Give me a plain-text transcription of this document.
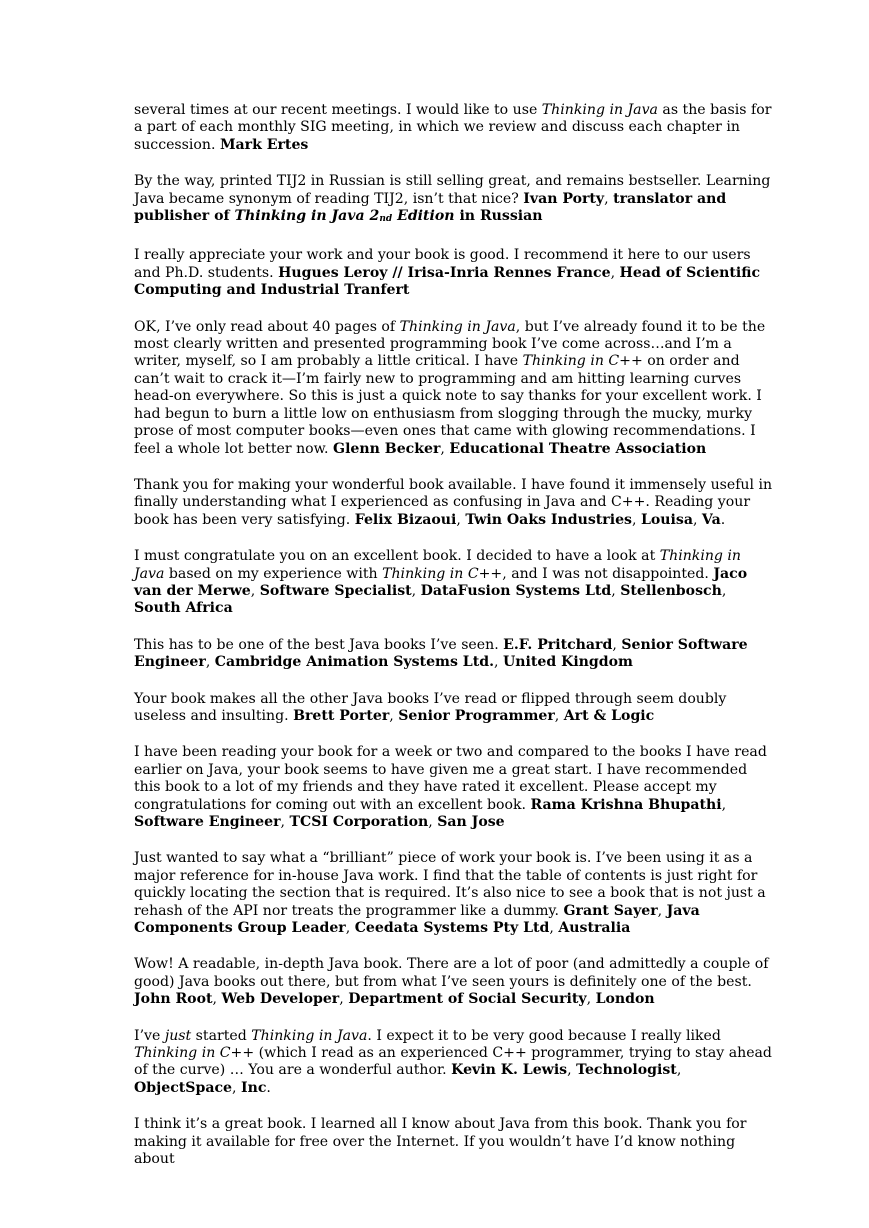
several times at our recent meetings. I would like to use Thinking in Java as the basis for a part of each monthly SIG meeting, in which we review and discuss each chapter in succession. Mark Ertes

By the way, printed TIJ2 in Russian is still selling great, and remains bestseller. Learning Java became synonym of reading TIJ2, isn’t that nice? Ivan Porty, translator and publisher of Thinking in Java $2_{nd}$ Edition in Russian

I really appreciate your work and your book is good. I recommend it here to our users and Ph.D. students. Hugues Leroy // Irisa-Inria Rennes France, Head of Scientific Computing and Industrial Tranfert

OK, I’ve only read about 40 pages of Thinking in Java, but I’ve already found it to be the most clearly written and presented programming book I’ve come across…and I’m a writer, myself, so I am probably a little critical. I have Thinking in C++ on order and can’t wait to crack it—I’m fairly new to programming and am hitting learning curves head-on everywhere. So this is just a quick note to say thanks for your excellent work. I had begun to burn a little low on enthusiasm from slogging through the mucky, murky prose of most computer books—even ones that came with glowing recommendations. I feel a whole lot better now. Glenn Becker, Educational Theatre Association

Thank you for making your wonderful book available. I have found it immensely useful in finally understanding what I experienced as confusing in Java and C++. Reading your book has been very satisfying. Felix Bizaoui, Twin Oaks Industries, Louisa, Va.

I must congratulate you on an excellent book. I decided to have a look at Thinking in Java based on my experience with Thinking in C++, and I was not disappointed. Jaco van der Merwe, Software Specialist, DataFusion Systems Ltd, Stellenbosch, South Africa

This has to be one of the best Java books I’ve seen. E.F. Pritchard, Senior Software Engineer, Cambridge Animation Systems Ltd., United Kingdom

Your book makes all the other Java books I’ve read or flipped through seem doubly useless and insulting. Brett Porter, Senior Programmer, Art & Logic

I have been reading your book for a week or two and compared to the books I have read earlier on Java, your book seems to have given me a great start. I have recommended this book to a lot of my friends and they have rated it excellent. Please accept my congratulations for coming out with an excellent book. Rama Krishna Bhupathi, Software Engineer, TCSI Corporation, San Jose

Just wanted to say what a “brilliant” piece of work your book is. I’ve been using it as a major reference for in-house Java work. I find that the table of contents is just right for quickly locating the section that is required. It’s also nice to see a book that is not just a rehash of the API nor treats the programmer like a dummy. Grant Sayer, Java Components Group Leader, Ceedata Systems Pty Ltd, Australia

Wow! A readable, in-depth Java book. There are a lot of poor (and admittedly a couple of good) Java books out there, but from what I’ve seen yours is definitely one of the best. John Root, Web Developer, Department of Social Security, London

I’ve just started Thinking in Java. I expect it to be very good because I really liked Thinking in C++ (which I read as an experienced C++ programmer, trying to stay ahead of the curve) … You are a wonderful author. Kevin K. Lewis, Technologist, ObjectSpace, Inc.

I think it’s a great book. I learned all I know about Java from this book. Thank you for making it available for free over the Internet. If you wouldn’t have I’d know nothing about
